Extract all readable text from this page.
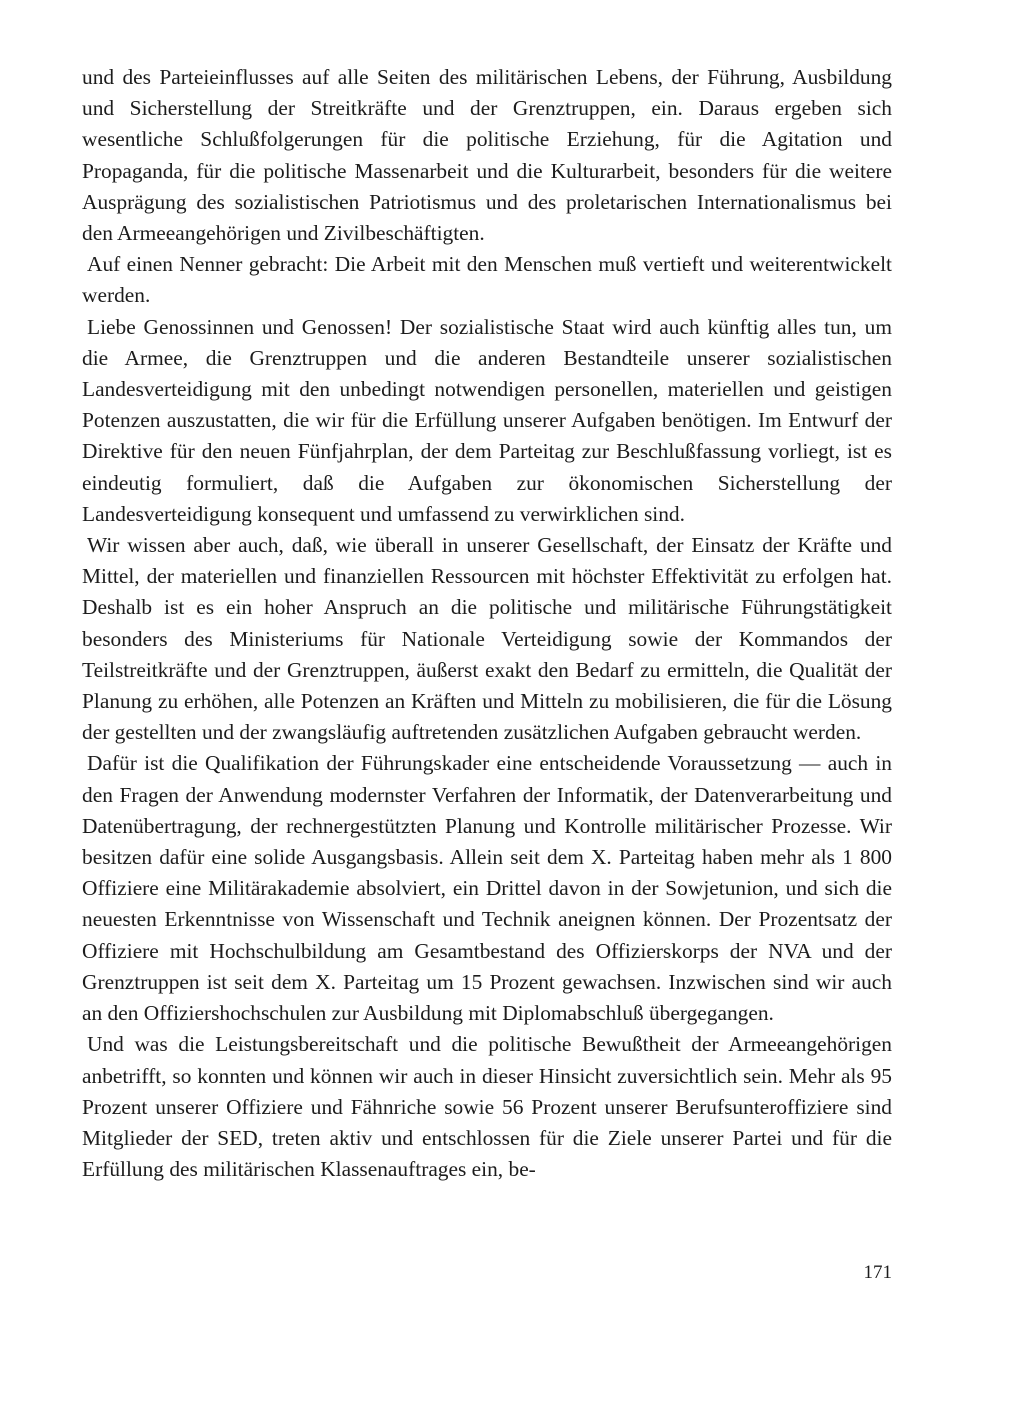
und des Parteieinflusses auf alle Seiten des militärischen Lebens, der Führung, Ausbildung und Sicherstellung der Streitkräfte und der Grenztruppen, ein. Daraus ergeben sich wesentliche Schlußfolgerungen für die politische Erziehung, für die Agitation und Propaganda, für die politische Massenarbeit und die Kulturarbeit, besonders für die weitere Ausprägung des sozialistischen Patriotismus und des proletarischen Internationalismus bei den Armeeangehörigen und Zivilbeschäftigten.

Auf einen Nenner gebracht: Die Arbeit mit den Menschen muß vertieft und weiterentwickelt werden.

Liebe Genossinnen und Genossen! Der sozialistische Staat wird auch künftig alles tun, um die Armee, die Grenztruppen und die anderen Bestandteile unserer sozialistischen Landesverteidigung mit den unbedingt notwendigen personellen, materiellen und geistigen Potenzen auszustatten, die wir für die Erfüllung unserer Aufgaben benötigen. Im Entwurf der Direktive für den neuen Fünfjahrplan, der dem Parteitag zur Beschlußfassung vorliegt, ist es eindeutig formuliert, daß die Aufgaben zur ökonomischen Sicherstellung der Landesverteidigung konsequent und umfassend zu verwirklichen sind.

Wir wissen aber auch, daß, wie überall in unserer Gesellschaft, der Einsatz der Kräfte und Mittel, der materiellen und finanziellen Ressourcen mit höchster Effektivität zu erfolgen hat. Deshalb ist es ein hoher Anspruch an die politische und militärische Führungstätigkeit besonders des Ministeriums für Nationale Verteidigung sowie der Kommandos der Teilstreitkräfte und der Grenztruppen, äußerst exakt den Bedarf zu ermitteln, die Qualität der Planung zu erhöhen, alle Potenzen an Kräften und Mitteln zu mobilisieren, die für die Lösung der gestellten und der zwangsläufig auftretenden zusätzlichen Aufgaben gebraucht werden.

Dafür ist die Qualifikation der Führungskader eine entscheidende Voraussetzung — auch in den Fragen der Anwendung modernster Verfahren der Informatik, der Datenverarbeitung und Datenübertragung, der rechnergestützten Planung und Kontrolle militärischer Prozesse. Wir besitzen dafür eine solide Ausgangsbasis. Allein seit dem X. Parteitag haben mehr als 1 800 Offiziere eine Militärakademie absolviert, ein Drittel davon in der Sowjetunion, und sich die neuesten Erkenntnisse von Wissenschaft und Technik aneignen können. Der Prozentsatz der Offiziere mit Hochschulbildung am Gesamtbestand des Offizierskorps der NVA und der Grenztruppen ist seit dem X. Parteitag um 15 Prozent gewachsen. Inzwischen sind wir auch an den Offiziershochschulen zur Ausbildung mit Diplomabschluß übergegangen.

Und was die Leistungsbereitschaft und die politische Bewußtheit der Armeeangehörigen anbetrifft, so konnten und können wir auch in dieser Hinsicht zuversichtlich sein. Mehr als 95 Prozent unserer Offiziere und Fähnriche sowie 56 Prozent unserer Berufsunteroffiziere sind Mitglieder der SED, treten aktiv und entschlossen für die Ziele unserer Partei und für die Erfüllung des militärischen Klassenauftrages ein, be-

171
